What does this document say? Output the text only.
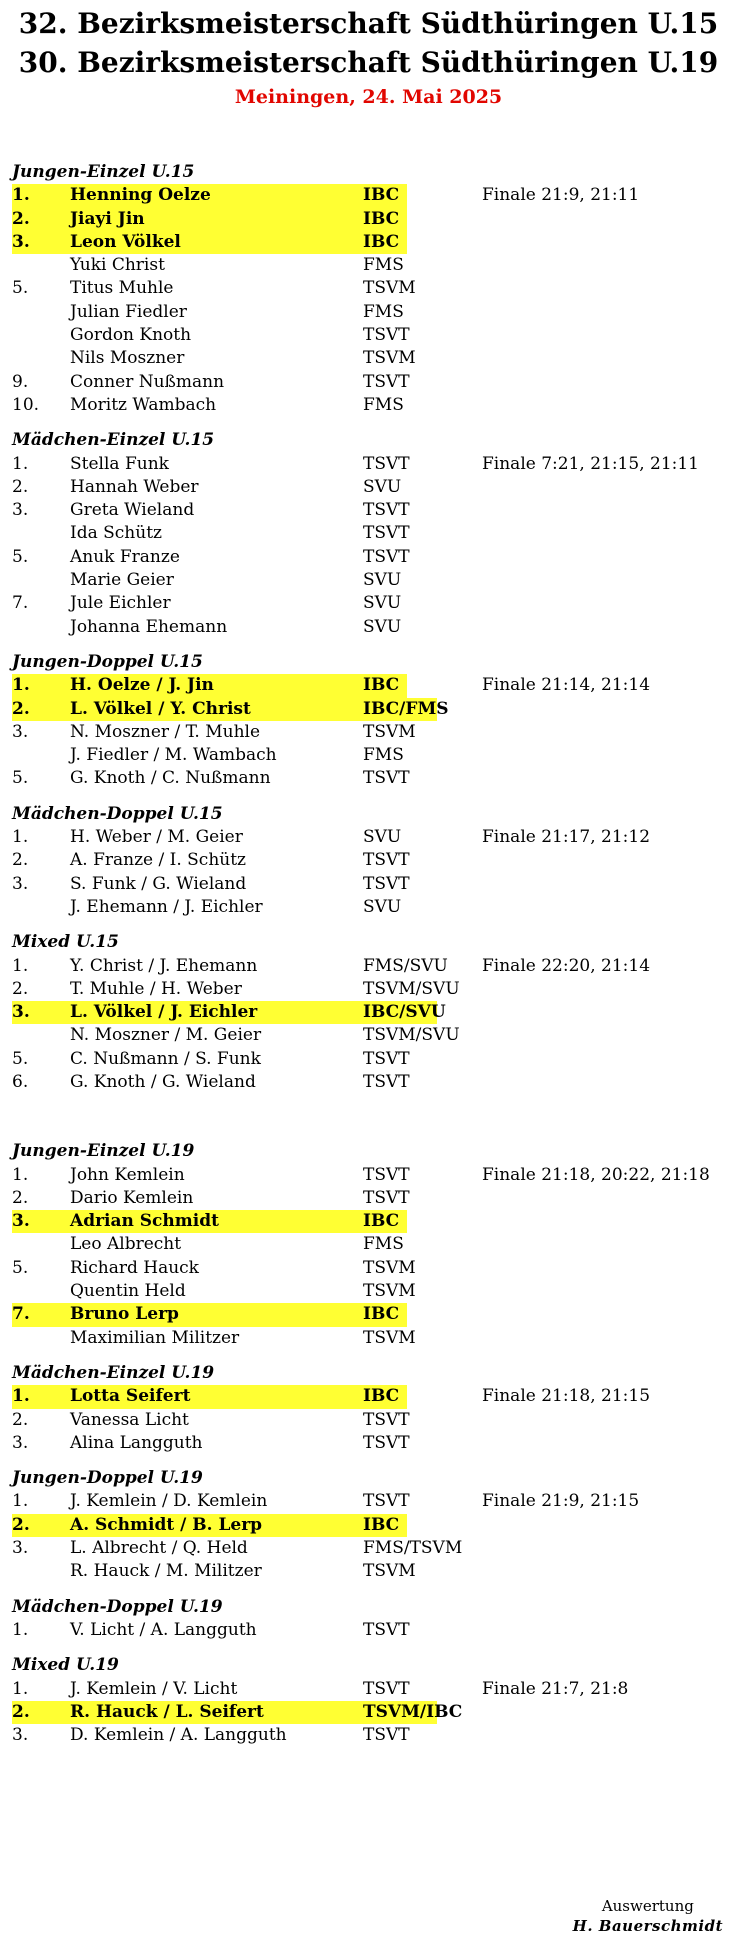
32. Bezirksmeisterschaft Südthüringen U.15
30. Bezirksmeisterschaft Südthüringen U.19
Meiningen, 24. Mai 2025
Jungen-Einzel U.15
1. Henning Oelze	IBC	Finale 21:9, 21:11
2. Jiayi Jin	IBC
3. Leon Völkel	IBC
Yuki Christ	FMS
5. Titus Muhle	TSVM
Julian Fiedler	FMS
Gordon Knoth	TSVT
Nils Moszner	TSVM
9. Conner Nußmann	TSVT
10. Moritz Wambach	FMS
Mädchen-Einzel U.15
1. Stella Funk	TSVT	Finale 7:21, 21:15, 21:11
2. Hannah Weber	SVU
3. Greta Wieland	TSVT
Ida Schütz	TSVT
5. Anuk Franze	TSVT
Marie Geier	SVU
7. Jule Eichler	SVU
Johanna Ehemann	SVU
Jungen-Doppel U.15
1. H. Oelze / J. Jin	IBC	Finale 21:14, 21:14
2. L. Völkel / Y. Christ	IBC/FMS
3. N. Moszner / T. Muhle	TSVM
J. Fiedler / M. Wambach	FMS
5. G. Knoth / C. Nußmann	TSVT
Mädchen-Doppel U.15
1. H. Weber / M. Geier	SVU	Finale 21:17, 21:12
2. A. Franze / I. Schütz	TSVT
3. S. Funk / G. Wieland	TSVT
J. Ehemann / J. Eichler	SVU
Mixed U.15
1. Y. Christ / J. Ehemann	FMS/SVU Finale 22:20, 21:14
2. T. Muhle / H. Weber	TSVM/SVU
3. L. Völkel / J. Eichler	IBC/SVU
N. Moszner / M. Geier	TSVM/SVU
5. C. Nußmann / S. Funk	TSVT
6. G. Knoth / G. Wieland	TSVT
Jungen-Einzel U.19
1. John Kemlein	TSVT	Finale 21:18, 20:22, 21:18
2. Dario Kemlein	TSVT
3. Adrian Schmidt	IBC
Leo Albrecht	FMS
5. Richard Hauck	TSVM
Quentin Held	TSVM
7. Bruno Lerp	IBC
Maximilian Militzer	TSVM
Mädchen-Einzel U.19
1. Lotta Seifert	IBC	Finale 21:18, 21:15
2. Vanessa Licht	TSVT
3. Alina Langguth	TSVT
Jungen-Doppel U.19
1. J. Kemlein / D. Kemlein	TSVT	Finale 21:9, 21:15
2. A. Schmidt / B. Lerp	IBC
3. L. Albrecht / Q. Held	FMS/TSVM
R. Hauck / M. Militzer	TSVM
Mädchen-Doppel U.19
1. V. Licht / A. Langguth	TSVT
Mixed U.19
1. J. Kemlein / V. Licht	TSVT	Finale 21:7, 21:8
2. R. Hauck / L. Seifert	TSVM/IBC
3. D. Kemlein / A. Langguth	TSVT
Auswertung
H. Bauerschmidt
